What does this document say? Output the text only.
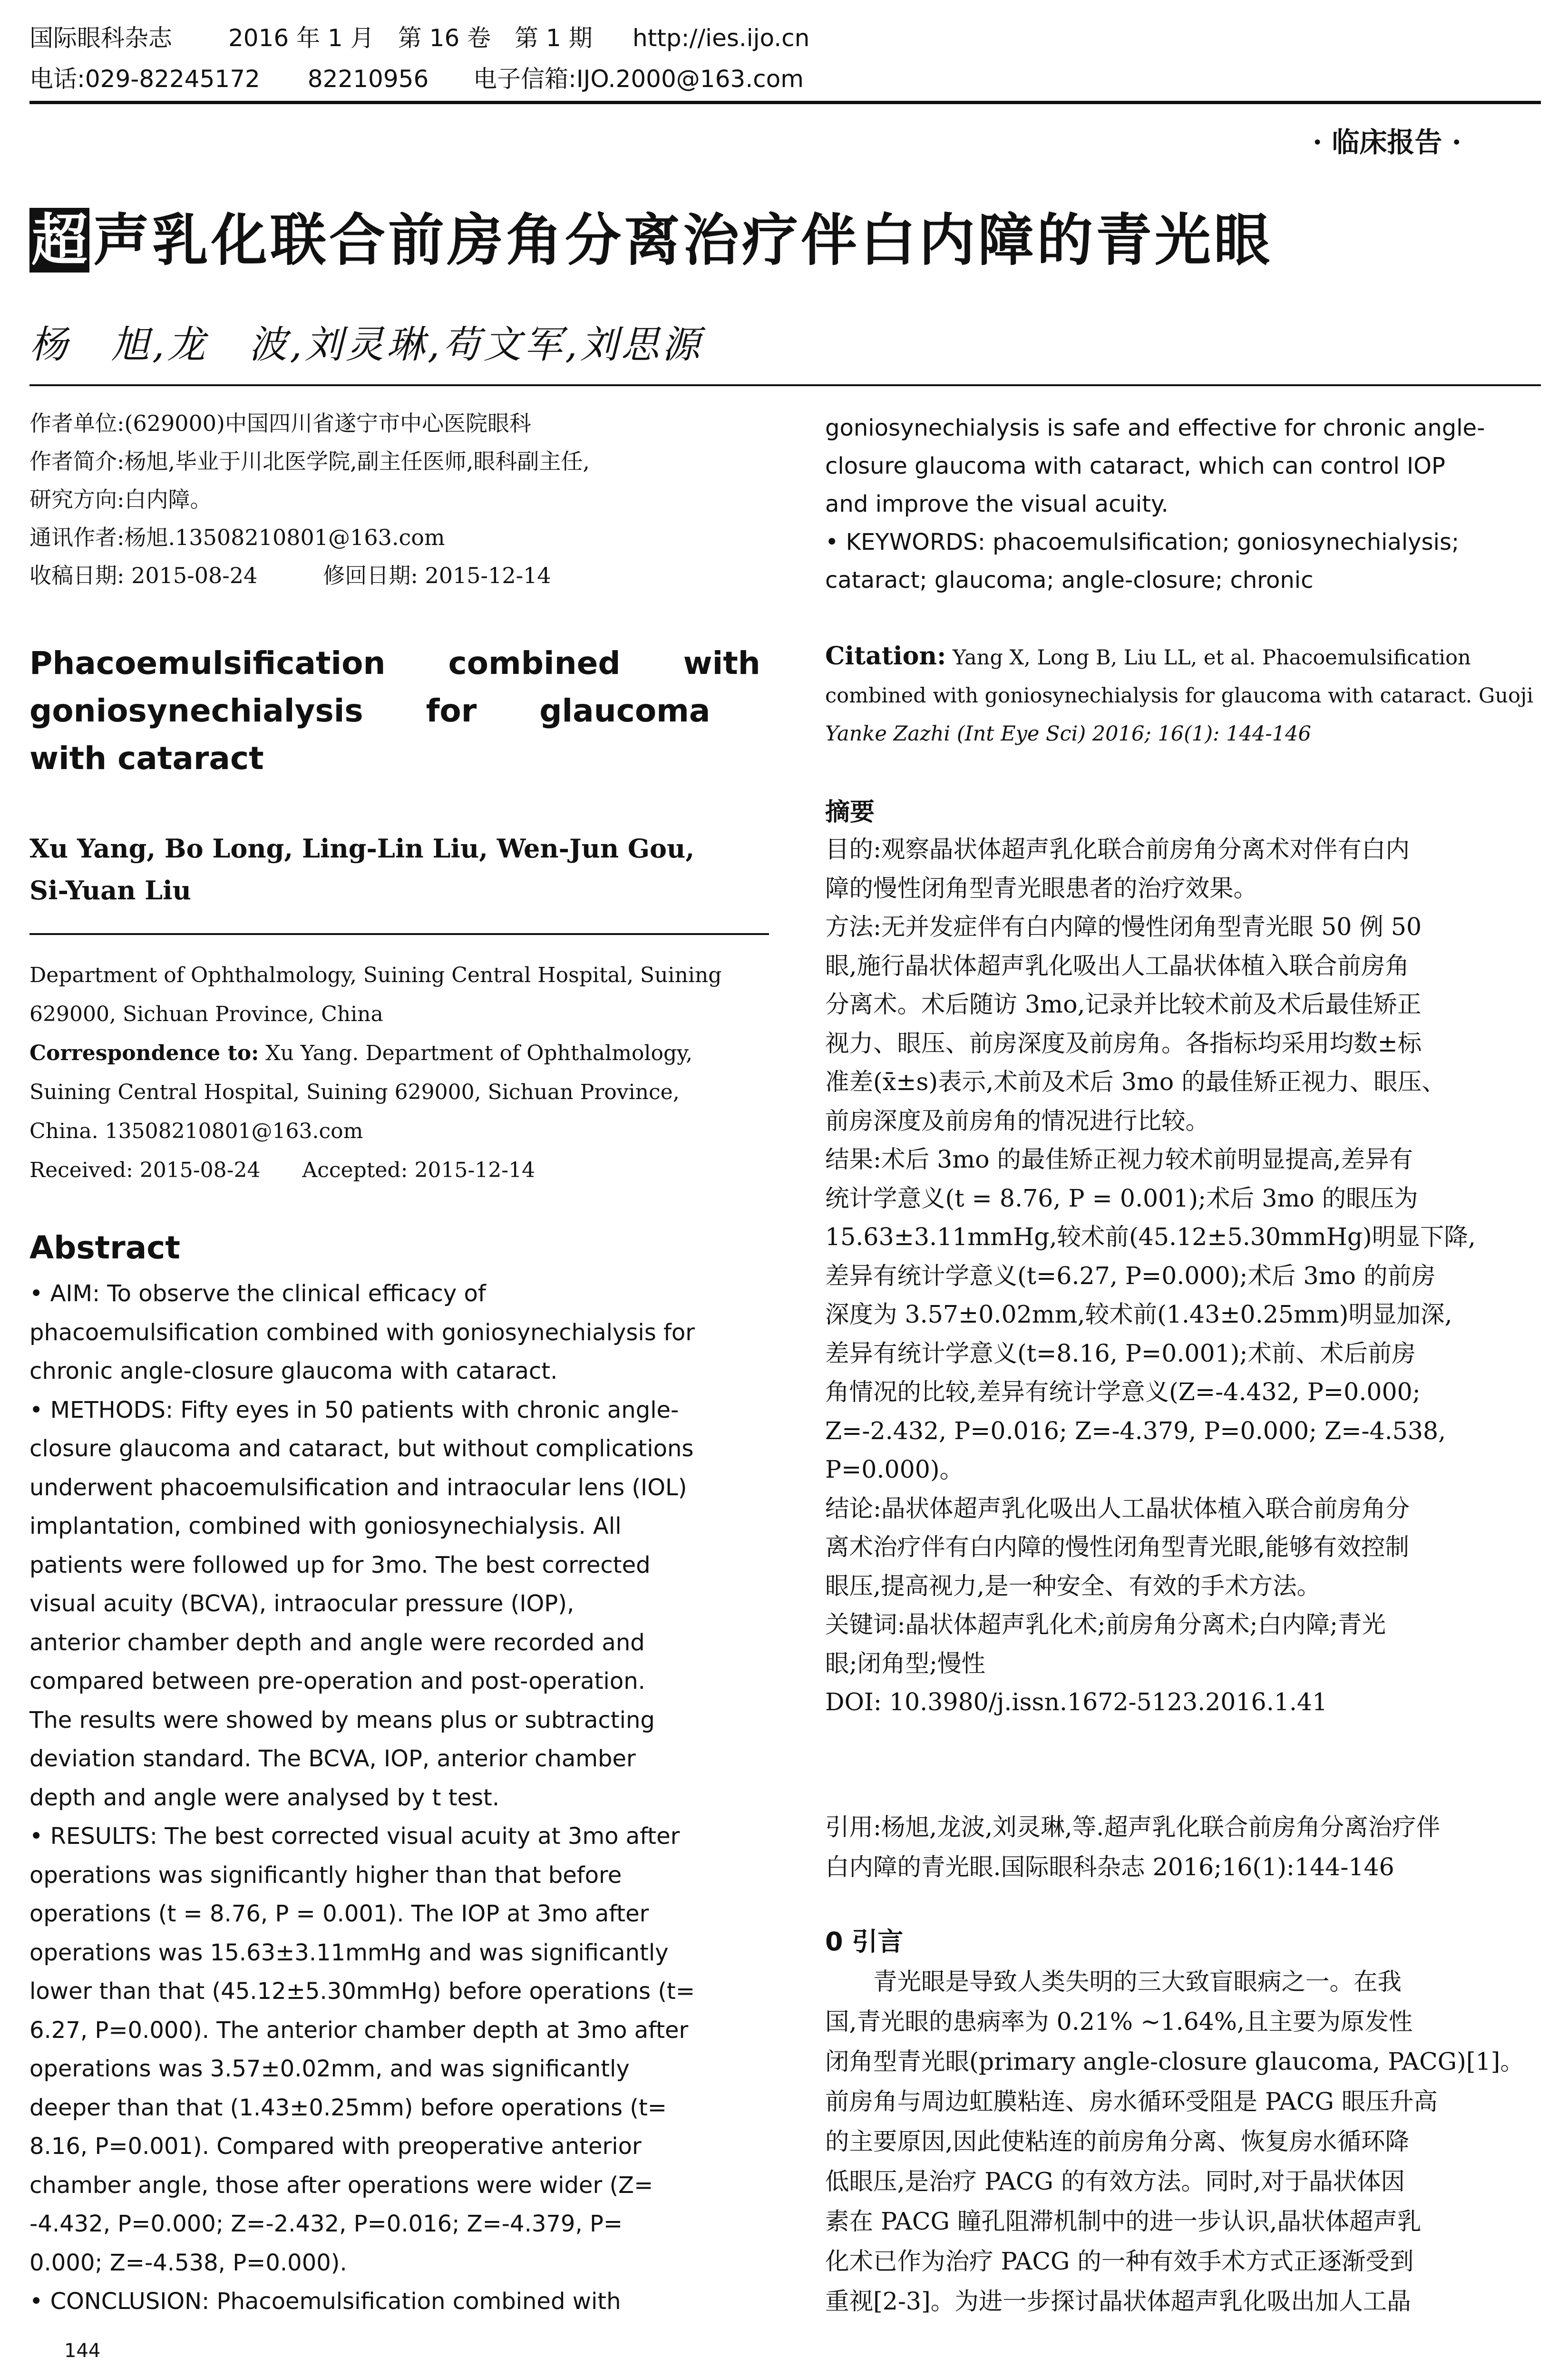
国际眼科杂志 2016 年 1 月　第 16 卷　第 1 期 http://ies.ijo.cn
电话:029-82245172　　82210956 电子信箱:IJO.2000@163.com
· 临床报告 ·
超 声乳化联合前房角分离治疗伴白内障的青光眼
杨　旭,龙　波,刘灵琳,苟文军,刘思源
作者单位:(629000)中国四川省遂宁市中心医院眼科
作者简介:杨旭,毕业于川北医学院,副主任医师,眼科副主任,
研究方向:白内障。
通讯作者:杨旭.13508210801@163.com
收稿日期: 2015-08-24　　　修回日期: 2015-12-14
Phacoemulsification　　combined　　with
goniosynechialysis　　for　　glaucoma
with cataract
Xu Yang, Bo Long, Ling-Lin Liu, Wen-Jun Gou,
Si-Yuan Liu
Department of Ophthalmology, Suining Central Hospital, Suining
629000, Sichuan Province, China
Correspondence to: Xu Yang. Department of Ophthalmology,
Suining Central Hospital, Suining 629000, Sichuan Province,
China. 13508210801@163.com
Received: 2015-08-24　　Accepted: 2015-12-14
Abstract
• AIM: To observe the clinical efficacy of
phacoemulsification combined with goniosynechialysis for
chronic angle-closure glaucoma with cataract.
• METHODS: Fifty eyes in 50 patients with chronic angle-
closure glaucoma and cataract, but without complications
underwent phacoemulsification and intraocular lens (IOL)
implantation, combined with goniosynechialysis. All
patients were followed up for 3mo. The best corrected
visual acuity (BCVA), intraocular pressure (IOP),
anterior chamber depth and angle were recorded and
compared between pre-operation and post-operation.
The results were showed by means plus or subtracting
deviation standard. The BCVA, IOP, anterior chamber
depth and angle were analysed by t test.
• RESULTS: The best corrected visual acuity at 3mo after
operations was significantly higher than that before
operations (t = 8.76, P = 0.001). The IOP at 3mo after
operations was 15.63±3.11mmHg and was significantly
lower than that (45.12±5.30mmHg) before operations (t=
6.27, P=0.000). The anterior chamber depth at 3mo after
operations was 3.57±0.02mm, and was significantly
deeper than that (1.43±0.25mm) before operations (t=
8.16, P=0.001). Compared with preoperative anterior
chamber angle, those after operations were wider (Z=
-4.432, P=0.000; Z=-2.432, P=0.016; Z=-4.379, P=
0.000; Z=-4.538, P=0.000).
• CONCLUSION: Phacoemulsification combined with
144
goniosynechialysis is safe and effective for chronic angle-
closure glaucoma with cataract, which can control IOP
and improve the visual acuity.
• KEYWORDS: phacoemulsification; goniosynechialysis;
cataract; glaucoma; angle-closure; chronic
Citation: Yang X, Long B, Liu LL, et al. Phacoemulsification
combined with goniosynechialysis for glaucoma with cataract. Guoji
Yanke Zazhi (Int Eye Sci) 2016; 16(1): 144-146
摘要
目的:观察晶状体超声乳化联合前房角分离术对伴有白内
障的慢性闭角型青光眼患者的治疗效果。
方法:无并发症伴有白内障的慢性闭角型青光眼 50 例 50
眼,施行晶状体超声乳化吸出人工晶状体植入联合前房角
分离术。术后随访 3mo,记录并比较术前及术后最佳矫正
视力、眼压、前房深度及前房角。各指标均采用均数±标
准差(x̄±s)表示,术前及术后 3mo 的最佳矫正视力、眼压、
前房深度及前房角的情况进行比较。
结果:术后 3mo 的最佳矫正视力较术前明显提高,差异有
统计学意义(t = 8.76, P = 0.001);术后 3mo 的眼压为
15.63±3.11mmHg,较术前(45.12±5.30mmHg)明显下降,
差异有统计学意义(t=6.27, P=0.000);术后 3mo 的前房
深度为 3.57±0.02mm,较术前(1.43±0.25mm)明显加深,
差异有统计学意义(t=8.16, P=0.001);术前、术后前房
角情况的比较,差异有统计学意义(Z=-4.432, P=0.000;
Z=-2.432, P=0.016; Z=-4.379, P=0.000; Z=-4.538,
P=0.000)。
结论:晶状体超声乳化吸出人工晶状体植入联合前房角分
离术治疗伴有白内障的慢性闭角型青光眼,能够有效控制
眼压,提高视力,是一种安全、有效的手术方法。
关键词:晶状体超声乳化术;前房角分离术;白内障;青光
眼;闭角型;慢性
DOI: 10.3980/j.issn.1672-5123.2016.1.41
引用:杨旭,龙波,刘灵琳,等.超声乳化联合前房角分离治疗伴
白内障的青光眼.国际眼科杂志 2016;16(1):144-146
0 引言
　　青光眼是导致人类失明的三大致盲眼病之一。在我
国,青光眼的患病率为 0.21% ~1.64%,且主要为原发性
闭角型青光眼(primary angle-closure glaucoma, PACG)[1]。
前房角与周边虹膜粘连、房水循环受阻是 PACG 眼压升高
的主要原因,因此使粘连的前房角分离、恢复房水循环降
低眼压,是治疗 PACG 的有效方法。同时,对于晶状体因
素在 PACG 瞳孔阻滞机制中的进一步认识,晶状体超声乳
化术已作为治疗 PACG 的一种有效手术方式正逐渐受到
重视[2-3]。为进一步探讨晶状体超声乳化吸出加人工晶
